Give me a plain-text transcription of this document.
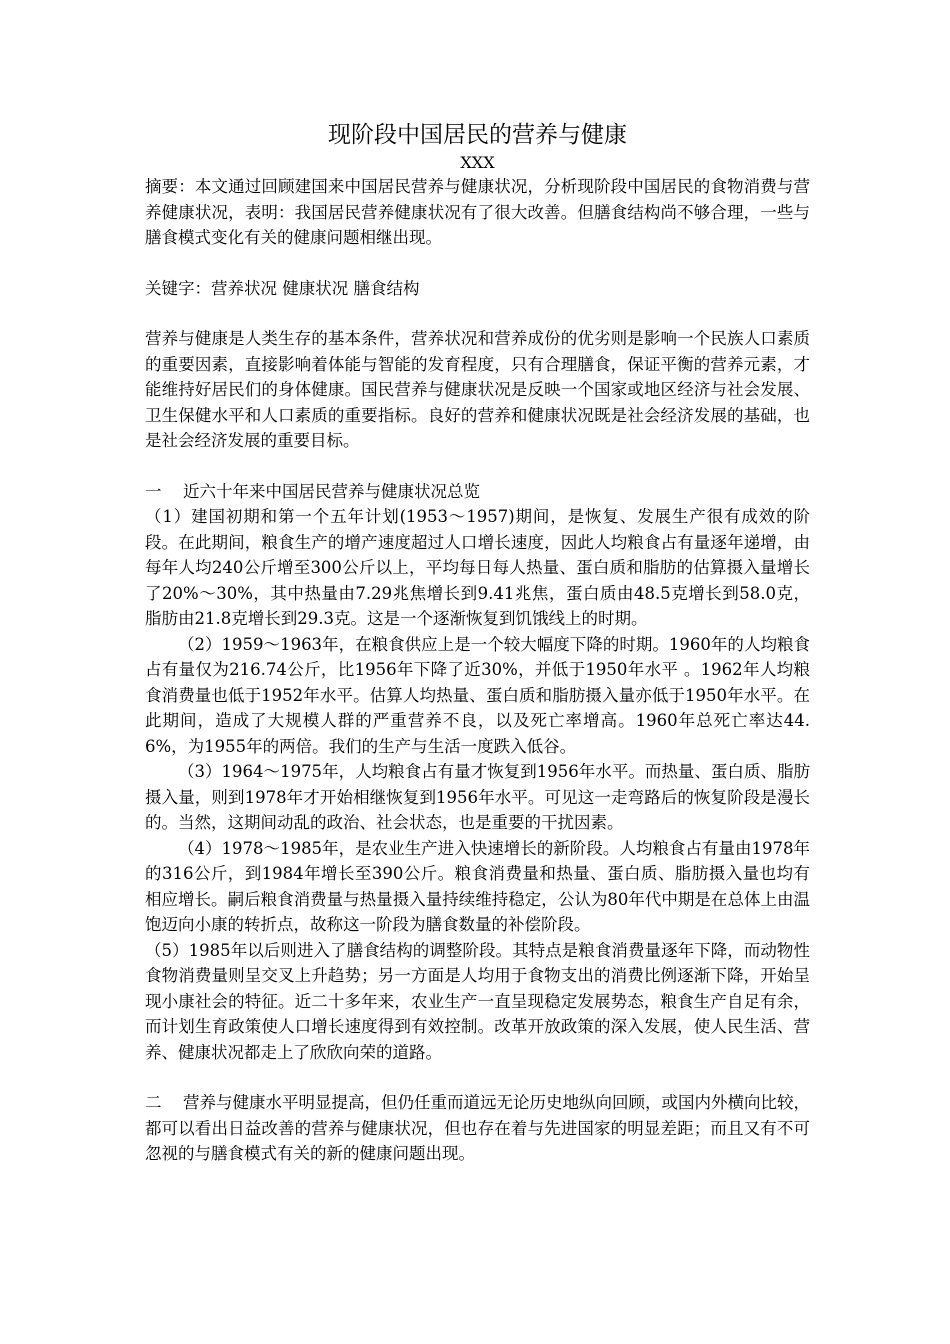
现阶段中国居民的营养与健康
XXX

摘要：本文通过回顾建国来中国居民营养与健康状况，分析现阶段中国居民的食物消费与营养健康状况，表明：我国居民营养健康状况有了很大改善。但膳食结构尚不够合理，一些与膳食模式变化有关的健康问题相继出现。

关键字：营养状况 健康状况 膳食结构

营养与健康是人类生存的基本条件，营养状况和营养成份的优劣则是影响一个民族人口素质的重要因素，直接影响着体能与智能的发育程度，只有合理膳食，保证平衡的营养元素，才能维持好居民们的身体健康。国民营养与健康状况是反映一个国家或地区经济与社会发展、卫生保健水平和人口素质的重要指标。良好的营养和健康状况既是社会经济发展的基础，也是社会经济发展的重要目标。

一 近六十年来中国居民营养与健康状况总览

（1）建国初期和第一个五年计划(1953～1957)期间，是恢复、发展生产很有成效的阶段。在此期间，粮食生产的增产速度超过人口增长速度，因此人均粮食占有量逐年递增，由每年人均240公斤增至300公斤以上，平均每日每人热量、蛋白质和脂肪的估算摄入量增长了20%～30%，其中热量由7.29兆焦增长到9.41兆焦，蛋白质由48.5克增长到58.0克，脂肪由21.8克增长到29.3克。这是一个逐渐恢复到饥饿线上的时期。

（2）1959～1963年，在粮食供应上是一个较大幅度下降的时期。1960年的人均粮食占有量仅为216.74公斤，比1956年下降了近30%，并低于1950年水平 。1962年人均粮食消费量也低于1952年水平。估算人均热量、蛋白质和脂肪摄入量亦低于1950年水平。在此期间，造成了大规模人群的严重营养不良，以及死亡率增高。1960年总死亡率达44.6%，为1955年的两倍。我们的生产与生活一度跌入低谷。

（3）1964～1975年，人均粮食占有量才恢复到1956年水平。而热量、蛋白质、脂肪摄入量，则到1978年才开始相继恢复到1956年水平。可见这一走弯路后的恢复阶段是漫长的。当然，这期间动乱的政治、社会状态，也是重要的干扰因素。

（4）1978～1985年，是农业生产进入快速增长的新阶段。人均粮食占有量由1978年的316公斤，到1984年增长至390公斤。粮食消费量和热量、蛋白质、脂肪摄入量也均有相应增长。嗣后粮食消费量与热量摄入量持续维持稳定，公认为80年代中期是在总体上由温饱迈向小康的转折点，故称这一阶段为膳食数量的补偿阶段。

（5）1985年以后则进入了膳食结构的调整阶段。其特点是粮食消费量逐年下降，而动物性食物消费量则呈交叉上升趋势；另一方面是人均用于食物支出的消费比例逐渐下降，开始呈现小康社会的特征。近二十多年来，农业生产一直呈现稳定发展势态，粮食生产自足有余，而计划生育政策使人口增长速度得到有效控制。改革开放政策的深入发展，使人民生活、营养、健康状况都走上了欣欣向荣的道路。

二 营养与健康水平明显提高，但仍任重而道远无论历史地纵向回顾，或国内外横向比较，都可以看出日益改善的营养与健康状况，但也存在着与先进国家的明显差距；而且又有不可忽视的与膳食模式有关的新的健康问题出现。
